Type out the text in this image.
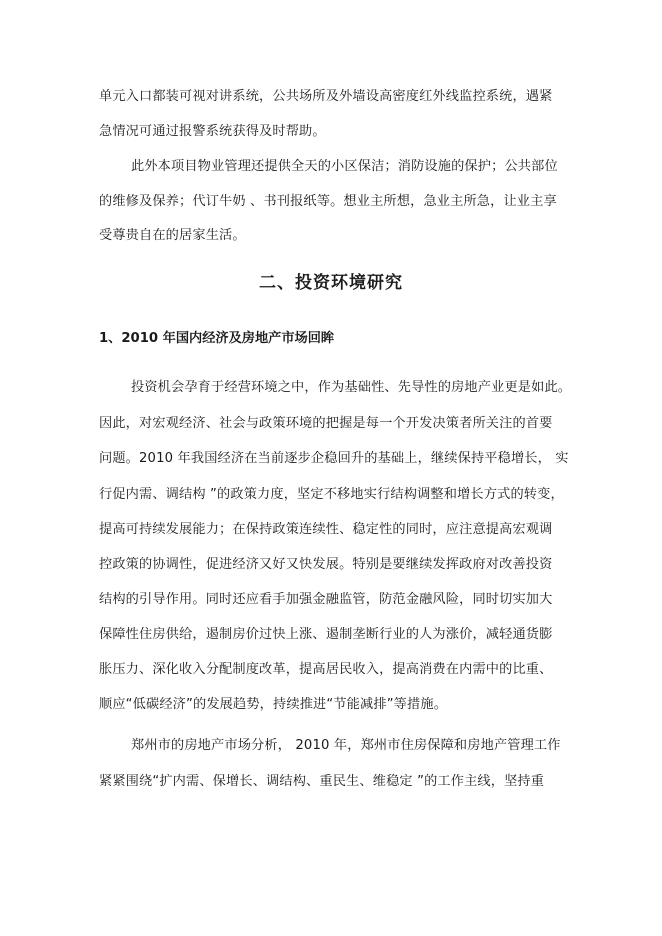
单元入口都装可视对讲系统，公共场所及外墙设高密度红外线监控系统，遇紧
急情况可通过报警系统获得及时帮助。
此外本项目物业管理还提供全天的小区保洁；消防设施的保护；公共部位
的维修及保养；代订牛奶 、书刊报纸等。想业主所想，急业主所急，让业主享
受尊贵自在的居家生活。
二、投资环境研究
1、2010 年国内经济及房地产市场回眸
投资机会孕育于经营环境之中，作为基础性、先导性的房地产业更是如此。
因此，对宏观经济、社会与政策环境的把握是每一个开发决策者所关注的首要
问题。2010 年我国经济在当前逐步企稳回升的基础上，继续保持平稳增长， 实
行促内需、调结构 ”的政策力度，坚定不移地实行结构调整和增长方式的转变，
提高可持续发展能力；在保持政策连续性、稳定性的同时，应注意提高宏观调
控政策的协调性，促进经济又好又快发展。特别是要继续发挥政府对改善投资
结构的引导作用。同时还应看手加强金融监管，防范金融风险，同时切实加大
保障性住房供给，遏制房价过快上涨、遏制垄断行业的人为涨价，减轻通货膨
胀压力、深化收入分配制度改革，提高居民收入，提高消费在内需中的比重、
顺应“低碳经济”的发展趋势，持续推进“节能减排”等措施。
郑州市的房地产市场分析， 2010 年，郑州市住房保障和房地产管理工作
紧紧围绕“扩内需、保增长、调结构、重民生、维稳定 ”的工作主线，坚持重
